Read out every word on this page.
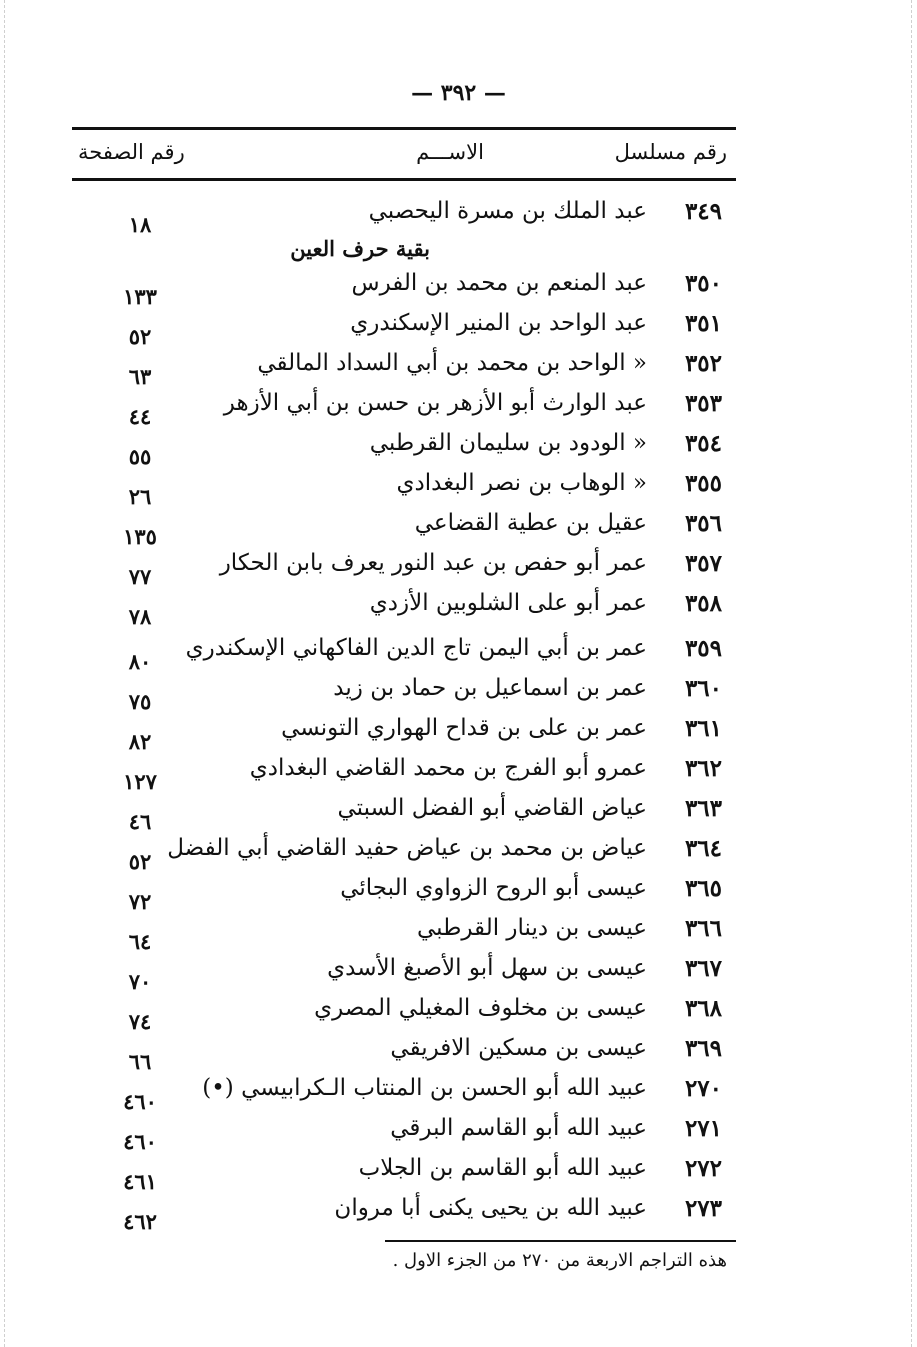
— ٣٩٢ —
رقم مسلسل
الاســـم
رقم الصفحة
بقية حرف العين
٣٤٩
عبد الملك بن مسرة اليحصبي
١٨
٣٥٠
عبد المنعم بن محمد بن الفرس
١٣٣
٣٥١
عبد الواحد بن المنير الإسكندري
٥٢
٣٥٢
« الواحد بن محمد بن أبي السداد المالقي
٦٣
٣٥٣
عبد الوارث أبو الأزهر بن حسن بن أبي الأزهر
٤٤
٣٥٤
« الودود بن سليمان القرطبي
٥٥
٣٥٥
« الوهاب بن نصر البغدادي
٢٦
٣٥٦
عقيل بن عطية القضاعي
١٣٥
٣٥٧
عمر أبو حفص بن عبد النور يعرف بابن الحكار
٧٧
٣٥٨
عمر أبو على الشلوبين الأزدي
٧٨
٣٥٩
عمر بن أبي اليمن تاج الدين الفاكهاني الإسكندري
٨٠
٣٦٠
عمر بن اسماعيل بن حماد بن زيد
٧٥
٣٦١
عمر بن على بن قداح الهواري التونسي
٨٢
٣٦٢
عمرو أبو الفرج بن محمد القاضي البغدادي
١٢٧
٣٦٣
عياض القاضي أبو الفضل السبتي
٤٦
٣٦٤
عياض بن محمد بن عياض حفيد القاضي أبي الفضل
٥٢
٣٦٥
عيسى أبو الروح الزواوي البجائي
٧٢
٣٦٦
عيسى بن دينار القرطبي
٦٤
٣٦٧
عيسى بن سهل أبو الأصبغ الأسدي
٧٠
٣٦٨
عيسى بن مخلوف المغيلي المصري
٧٤
٣٦٩
عيسى بن مسكين الافريقي
٦٦
٢٧٠
عبيد الله أبو الحسن بن المنتاب الـكرابيسي (•)
٤٦٠
٢٧١
عبيد الله أبو القاسم البرقي
٤٦٠
٢٧٢
عبيد الله أبو القاسم بن الجلاب
٤٦١
٢٧٣
عبيد الله بن يحيى يكنى أبا مروان
٤٦٢
هذه التراجم الاربعة من ٢٧٠ من الجزء الاول .
